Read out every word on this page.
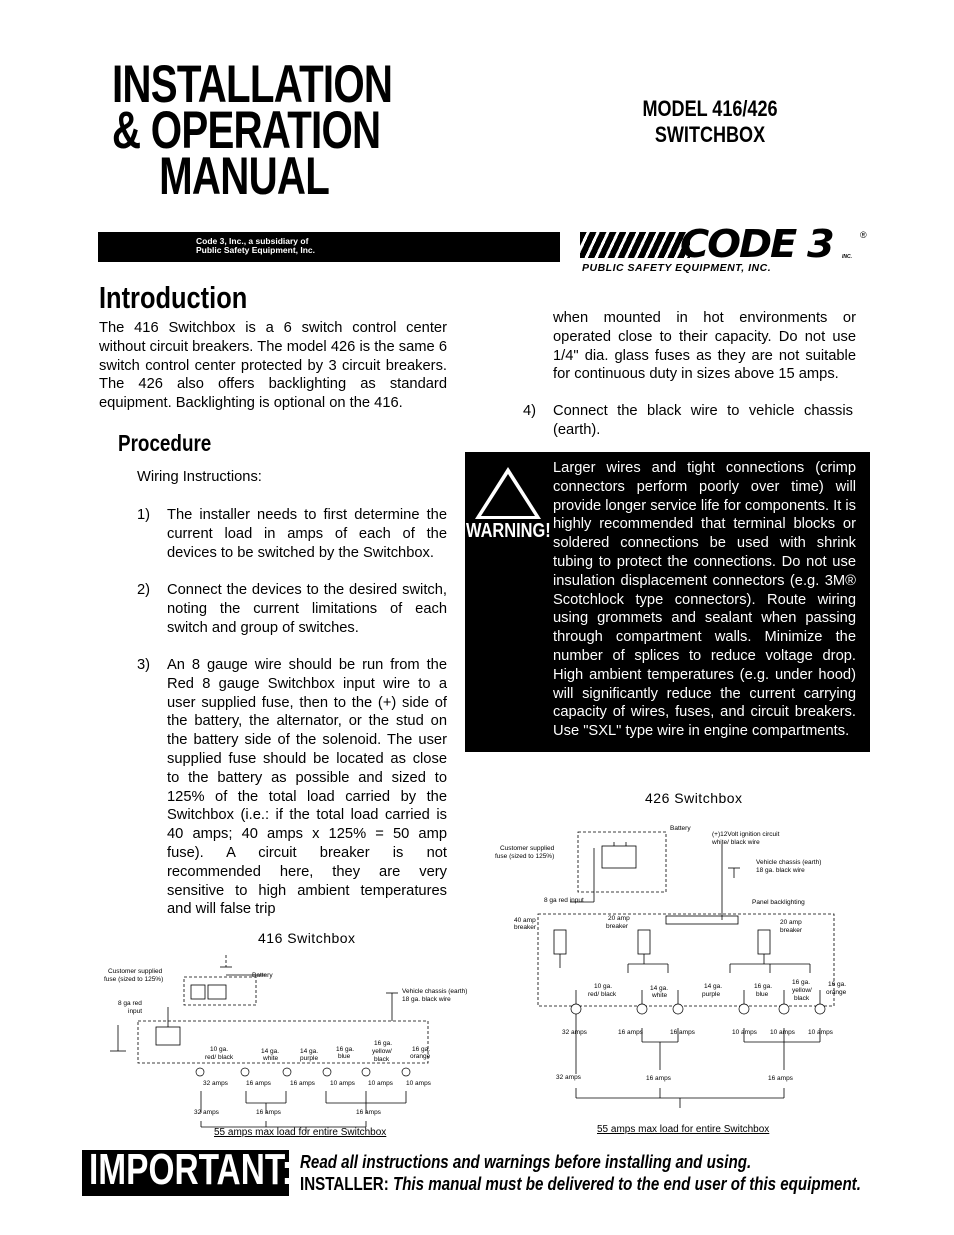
INSTALLATION
& OPERATION
MANUAL
MODEL 416/426
SWITCHBOX
Code 3, Inc., a subsidiary of
Public Safety Equipment, Inc.	CODE 3	®
INC.
PUBLIC SAFETY EQUIPMENT, INC.
Introduction
The 416 Switchbox is a 6 switch control center without circuit breakers. The model 426 is the same 6 switch control center protected by 3 circuit breakers. The 426 also offers backlighting as standard equipment. Backlighting is optional on the 416.
Procedure
Wiring Instructions:
1) The installer needs to first determine the current load in amps of each of the devices to be switched by the Switchbox.
2) Connect the devices to the desired switch, noting the current limitations of each switch and group of switches.
3) An 8 gauge wire should be run from the Red 8 gauge Switchbox input wire to a user supplied fuse, then to the (+) side of the battery, the alternator, or the stud on the battery side of the solenoid. The user supplied fuse should be located as close to the battery as possible and sized to 125% of the total load carried by the Switchbox (i.e.: if the total load carried is 40 amps; 40 amps x 125% = 50 amp fuse). A circuit breaker is not recommended here, they are very sensitive to high ambient temperatures and will false trip
when mounted in hot environments or operated close to their capacity. Do not use 1/4" dia. glass fuses as they are not suitable for continuous duty in sizes above 15 amps.
4) Connect the black wire to vehicle chassis (earth).
WARNING!
Larger wires and tight connections (crimp connectors perform poorly over time) will provide longer service life for components. It is highly recommended that terminal blocks or soldered connections be used with shrink tubing to protect the connections. Do not use insulation displacement connectors (e.g. 3M® Scotchlock type connectors). Route wiring using grommets and sealant when passing through compartment walls. Minimize the number of splices to reduce voltage drop. High ambient temperatures (e.g. under hood) will significantly reduce the current carrying capacity of wires, fuses, and circuit breakers. Use "SXL" type wire in engine compartments.
416 Switchbox
Customer supplied
fuse (sized to 125%)
Battery
Vehicle chassis (earth)
18 ga. black wire
8 ga red
input
10 ga.
red/ black
14 ga.
white
14 ga.
purple
16 ga.
blue
16 ga.
yellow/
black
16 ga.
orange
32 amps	16 amps	16 amps 10 amps 10 amps 10 amps
32 amps	16 amps	16 amps
55 amps max load for entire Switchbox
426 Switchbox
Battery
(+)12Volt ignition circuit
white/ black wire
Customer supplied
fuse (sized to 125%)
Vehicle chassis (earth)
18 ga. black wire
8 ga red input	Panel backlighting
40 amp
breaker
20 amp
breaker
20 amp
breaker
10 ga.
red/ black
14 ga.
white
14 ga.
purple
16 ga.
blue
16 ga.
yellow/
black
16 ga.
orange
32 amps	16 amps	16 amps	10 amps 10 amps 10 amps
32 amps	16 amps	16 amps
55 amps max load for entire Switchbox
IMPORTANT: Read all instructions and warnings before installing and using.
INSTALLER: This manual must be delivered to the end user of this equipment.
